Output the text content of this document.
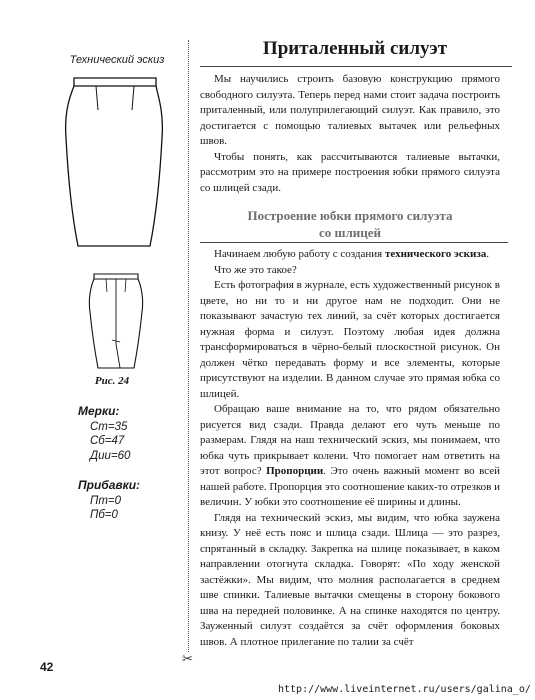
Технический эскиз
Рис. 24
Мерки:

Ст=35

Сб=47

Дии=60

Прибавки:

Пт=0

Пб=0

✂
Приталенный силуэт

Мы научились строить базовую конструкцию прямого свободного силуэта. Теперь перед нами стоит задача построить приталенный, или полуприлегающий силуэт. Как правило, это достигается с помощью талиевых вытачек или рельефных швов.

Чтобы понять, как рассчитываются талиевые вытачки, рассмотрим это на примере построения юбки прямого силуэта со шлицей сзади.

Построение юбки прямого силуэта
со шлицей

Начинаем любую работу с создания технического эскиза.

Что же это такое?

Есть фотография в журнале, есть художественный рисунок в цвете, но ни то и ни другое нам не подходит. Они не показывают зачастую тех линий, за счёт которых достигается нужная форма и силуэт. Поэтому любая идея должна трансформироваться в чёрно-белый плоскостной рисунок. Он должен чётко передавать форму и все элементы, которые присутствуют на изделии. В данном случае это прямая юбка со шлицей.

Обращаю ваше внимание на то, что рядом обязательно рисуется вид сзади. Правда делают его чуть меньше по размерам. Глядя на наш технический эскиз, мы понимаем, что юбка чуть прикрывает колени. Что помогает нам ответить на этот вопрос? Пропорции. Это очень важный момент во всей нашей работе. Пропорция это соотношение каких-то отрезков и величин. У юбки это соотношение её ширины и длины.

Глядя на технический эскиз, мы видим, что юбка заужена книзу. У неё есть пояс и шлица сзади. Шлица — это разрез, спрятанный в складку. Закрепка на шлице показывает, в каком направлении отогнута складка. Говорят: «По ходу женской застёжки». Мы видим, что молния располагается в среднем шве спинки. Талиевые вытачки смещены в сторону бокового шва на передней половинке. А на спинке находятся по центру. Зауженный силуэт создаётся за счёт оформления боковых швов. А плотное прилегание по талии за счёт

42
http://www.liveinternet.ru/users/galina_o/
